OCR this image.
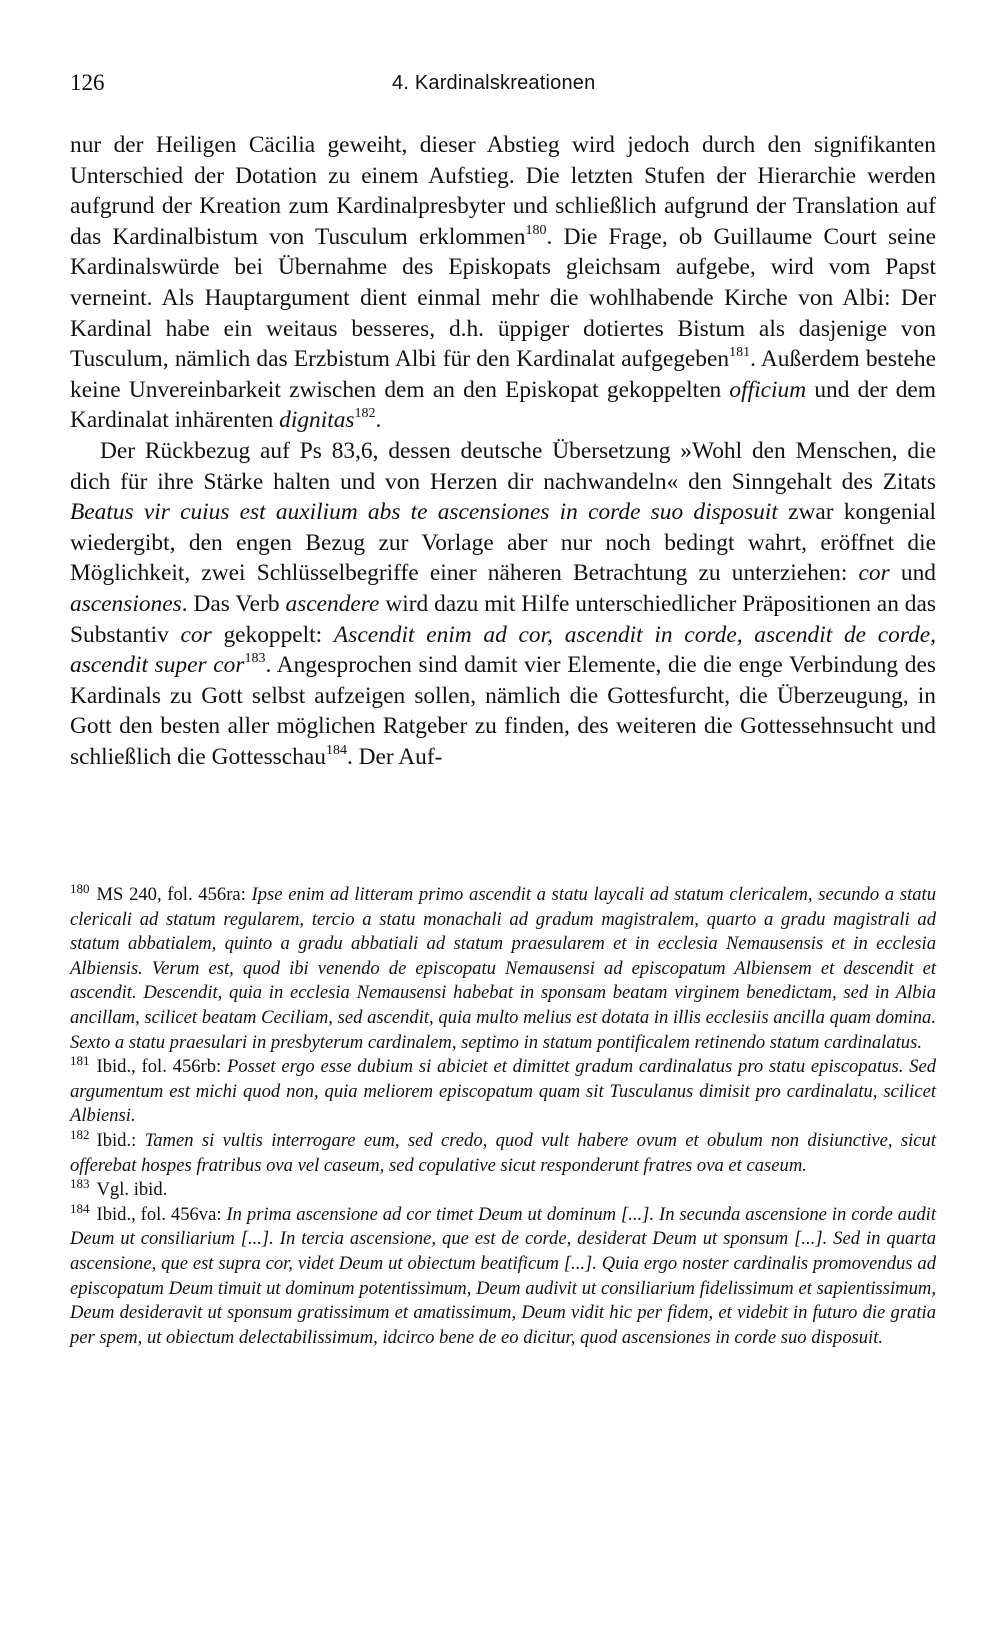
126	4. Kardinalskreationen

nur der Heiligen Cäcilia geweiht, dieser Abstieg wird jedoch durch den signifikanten Unterschied der Dotation zu einem Aufstieg. Die letzten Stufen der Hierarchie werden aufgrund der Kreation zum Kardinalpresbyter und schließlich aufgrund der Translation auf das Kardinalbistum von Tusculum erklommen$^{180}$. Die Frage, ob Guillaume Court seine Kardinalswürde bei Übernahme des Episkopats gleichsam aufgebe, wird vom Papst verneint. Als Hauptargument dient einmal mehr die wohlhabende Kirche von Albi: Der Kardinal habe ein weitaus besseres, d.h. üppiger dotiertes Bistum als dasjenige von Tusculum, nämlich das Erzbistum Albi für den Kardinalat aufgegeben$^{181}$. Außerdem bestehe keine Unvereinbarkeit zwischen dem an den Episkopat gekoppelten officium und der dem Kardinalat inhärenten dignitas$^{182}$.

Der Rückbezug auf Ps 83,6, dessen deutsche Übersetzung »Wohl den Menschen, die dich für ihre Stärke halten und von Herzen dir nachwandeln« den Sinngehalt des Zitats Beatus vir cuius est auxilium abs te ascensiones in corde suo disposuit zwar kongenial wiedergibt, den engen Bezug zur Vorlage aber nur noch bedingt wahrt, eröffnet die Möglichkeit, zwei Schlüsselbegriffe einer näheren Betrachtung zu unterziehen: cor und ascensiones. Das Verb ascendere wird dazu mit Hilfe unterschiedlicher Präpositionen an das Substantiv cor gekoppelt: Ascendit enim ad cor, ascendit in corde, ascendit de corde, ascendit super cor$^{183}$. Angesprochen sind damit vier Elemente, die die enge Verbindung des Kardinals zu Gott selbst aufzeigen sollen, nämlich die Gottesfurcht, die Überzeugung, in Gott den besten aller möglichen Ratgeber zu finden, des weiteren die Gottessehnsucht und schließlich die Gottesschau$^{184}$. Der Auf-

$^{180}$ MS 240, fol. 456ra: Ipse enim ad litteram primo ascendit a statu laycali ad statum clericalem, secundo a statu clericali ad statum regularem, tercio a statu monachali ad gradum magistralem, quarto a gradu magistrali ad statum abbatialem, quinto a gradu abbatiali ad statum praesularem et in ecclesia Nemausensis et in ecclesia Albiensis. Verum est, quod ibi venendo de episcopatu Nemausensi ad episcopatum Albiensem et descendit et ascendit. Descendit, quia in ecclesia Nemausensi habebat in sponsam beatam virginem benedictam, sed in Albia ancillam, scilicet beatam Ceciliam, sed ascendit, quia multo melius est dotata in illis ecclesiis ancilla quam domina. Sexto a statu praesulari in presbyterum cardinalem, septimo in statum pontificalem retinendo statum cardinalatus.

$^{181}$ Ibid., fol. 456rb: Posset ergo esse dubium si abiciet et dimittet gradum cardinalatus pro statu episcopatus. Sed argumentum est michi quod non, quia meliorem episcopatum quam sit Tusculanus dimisit pro cardinalatu, scilicet Albiensi.

$^{182}$ Ibid.: Tamen si vultis interrogare eum, sed credo, quod vult habere ovum et obulum non disiunctive, sicut offerebat hospes fratribus ova vel caseum, sed copulative sicut responderunt fratres ova et caseum.

$^{183}$ Vgl. ibid.

$^{184}$ Ibid., fol. 456va: In prima ascensione ad cor timet Deum ut dominum [...]. In secunda ascensione in corde audit Deum ut consiliarium [...]. In tercia ascensione, que est de corde, desiderat Deum ut sponsum [...]. Sed in quarta ascensione, que est supra cor, videt Deum ut obiectum beatificum [...]. Quia ergo noster cardinalis promovendus ad episcopatum Deum timuit ut dominum potentissimum, Deum audivit ut consiliarium fidelissimum et sapientissimum, Deum desideravit ut sponsum gratissimum et amatissimum, Deum vidit hic per fidem, et videbit in futuro die gratia per spem, ut obiectum delectabilissimum, idcirco bene de eo dicitur, quod ascensiones in corde suo disposuit.
